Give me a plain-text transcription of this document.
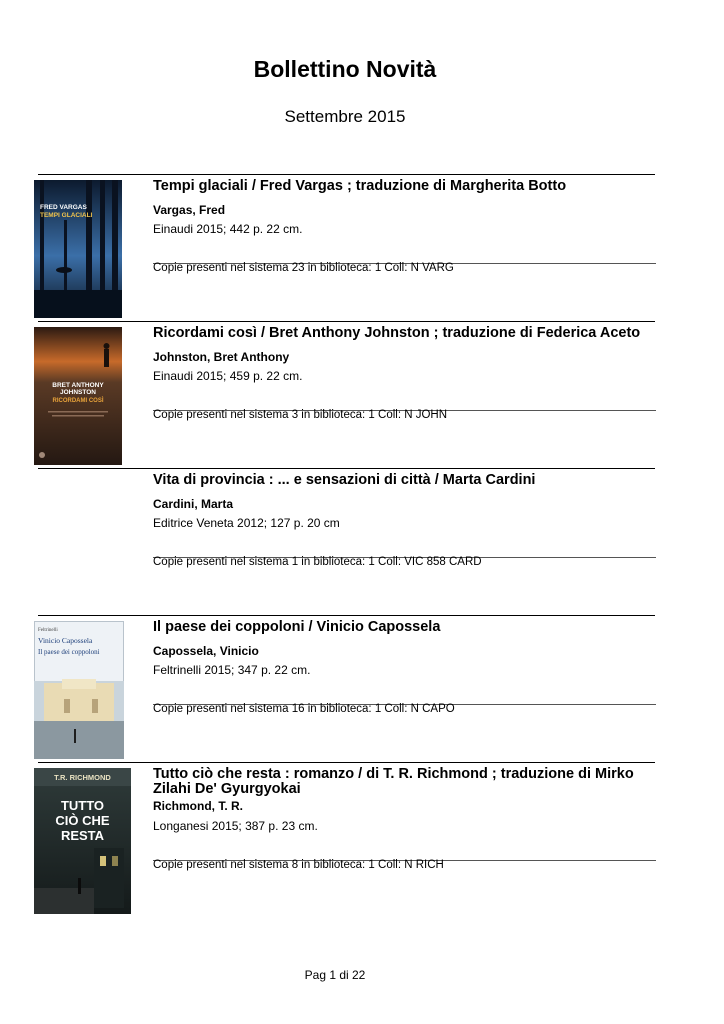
Bollettino Novità
Settembre 2015
FRED VARGAS
TEMPI GLACIALI
Tempi glaciali / Fred Vargas ; traduzione di Margherita Botto
Vargas, Fred
Einaudi 2015; 442 p. 22 cm.
Copie presenti nel sistema 23 in biblioteca: 1 Coll: N VARG
BRET ANTHONY
JOHNSTON
RICORDAMI COSÌ
Ricordami così / Bret Anthony Johnston ; traduzione di Federica Aceto
Johnston, Bret Anthony
Einaudi 2015; 459 p. 22 cm.
Copie presenti nel sistema 3 in biblioteca: 1 Coll: N JOHN
Vita di provincia : ... e sensazioni di città / Marta Cardini
Cardini, Marta
Editrice Veneta 2012; 127 p. 20 cm
Copie presenti nel sistema 1 in biblioteca: 1 Coll: VIC 858 CARD
Feltrinelli
Vinicio Capossela
Il paese dei coppoloni
Il paese dei coppoloni / Vinicio Capossela
Capossela, Vinicio
Feltrinelli 2015; 347 p. 22 cm.
Copie presenti nel sistema 16 in biblioteca: 1 Coll: N CAPO
T.R. RICHMOND
TUTTO
CIÒ CHE
RESTA
Tutto ciò che resta : romanzo / di T. R. Richmond ; traduzione di Mirko Zilahi De' Gyurgyokai
Richmond, T. R.
Longanesi 2015; 387 p. 23 cm.
Copie presenti nel sistema 8 in biblioteca: 1 Coll: N RICH
Pag 1 di 22
